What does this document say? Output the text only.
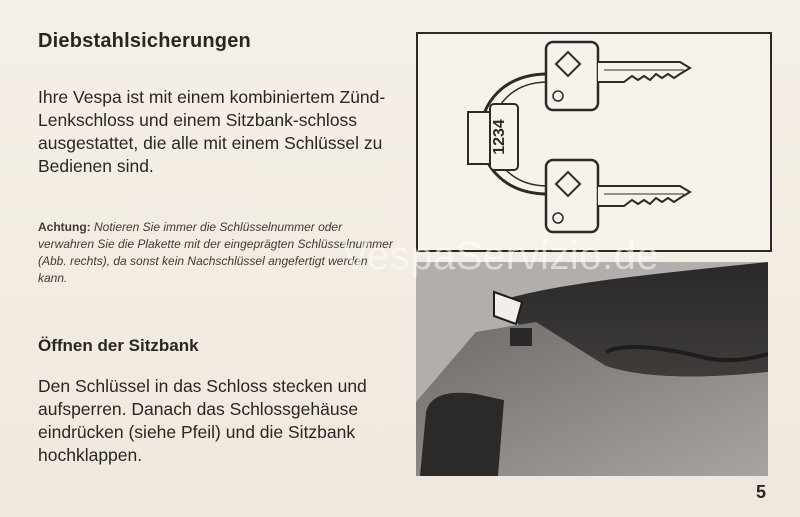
Diebstahlsicherungen
Ihre Vespa ist mit einem kombiniertem Zünd-Lenkschloss und einem Sitzbank-schloss ausgestattet, die alle mit einem Schlüssel zu Bedienen sind.
Achtung: Notieren Sie immer die Schlüsselnummer oder verwahren Sie die Plakette mit der eingeprägten Schlüsselnummer (Abb. rechts), da sonst kein Nachschlüssel angefertigt werden kann.
Öffnen der Sitzbank
Den Schlüssel in das Schloss stecken und aufsperren. Danach das Schlossgehäuse eindrücken (siehe Pfeil) und die Sitzbank hochklappen.
1234
VespaServizio.de
5
